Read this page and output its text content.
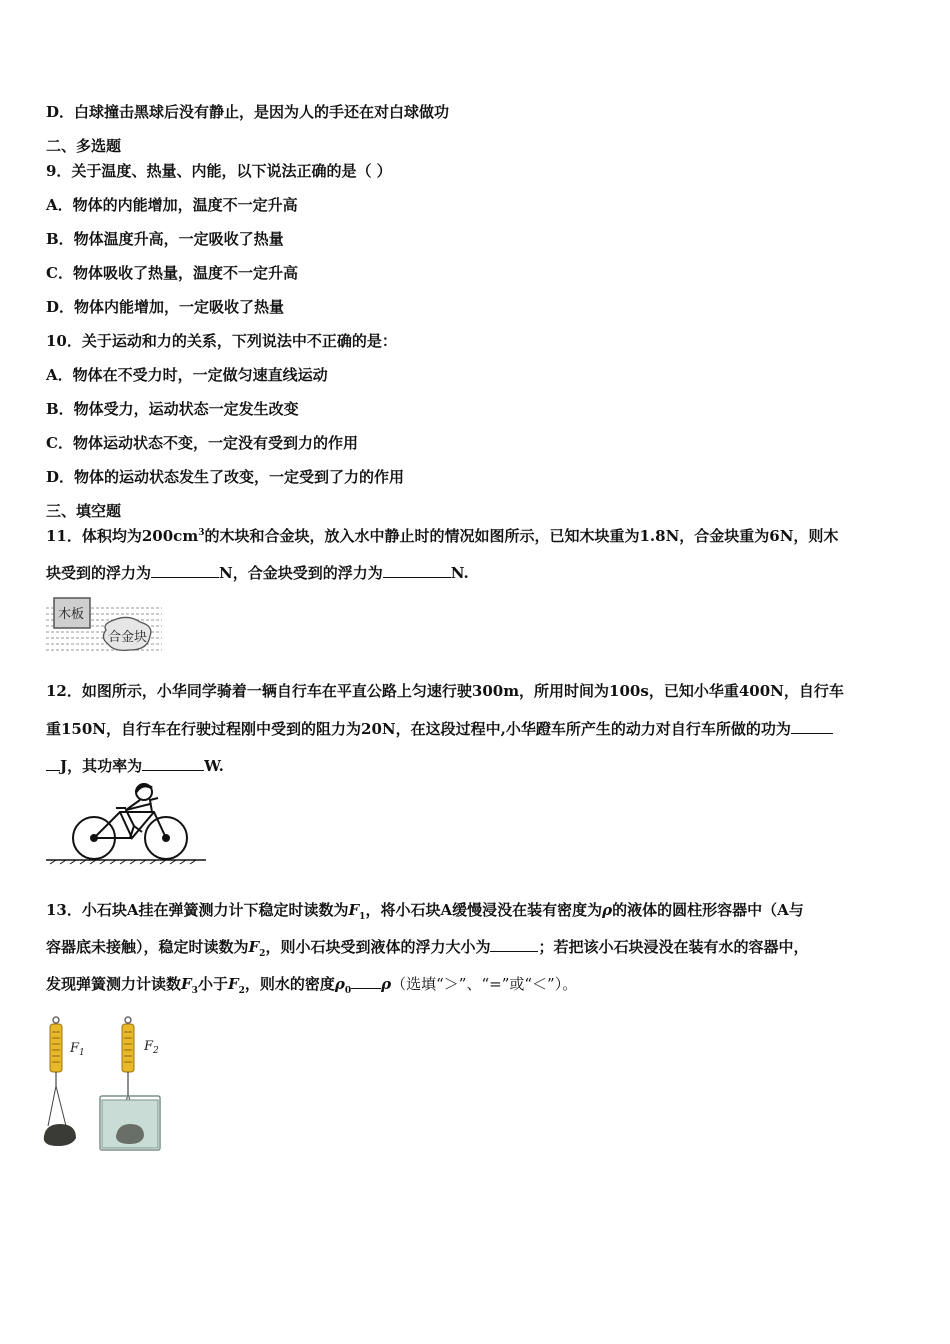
D．白球撞击黑球后没有静止，是因为人的手还在对白球做功
二、多选题
9．关于温度、热量、内能，以下说法正确的是（ ）
A．物体的内能增加，温度不一定升高
B．物体温度升高，一定吸收了热量
C．物体吸收了热量，温度不一定升高
D．物体内能增加，一定吸收了热量
10．关于运动和力的关系，下列说法中不正确的是：
A．物体在不受力时，一定做匀速直线运动
B．物体受力，运动状态一定发生改变
C．物体运动状态不变，一定没有受到力的作用
D．物体的运动状态发生了改变，一定受到了力的作用
三、填空题
11．体积均为$200cm^3$的木块和合金块，放入水中静止时的情况如图所示，已知木块重为1.8N，合金块重为6N，则木
块受到的浮力为	N，合金块受到的浮力为	N.
木板
合金块
12．如图所示，小华同学骑着一辆自行车在平直公路上匀速行驶300m，所用时间为100s，已知小华重400N，自行车
重150N，自行车在行驶过程刚中受到的阻力为20N，在这段过程中,小华蹬车所产生的动力对自行车所做的功为
J，其功率为	W.
13．小石块A挂在弹簧测力计下稳定时读数为$F_1$，将小石块A缓慢浸没在装有密度为ρ的液体的圆柱形容器中（A与
容器底未接触），稳定时读数为$F_2$，则小石块受到液体的浮力大小为	；若把该小石块浸没在装有水的容器中，
发现弹簧测力计读数$F_3$小于$F_2$，则水的密度$\rho_0$ ρ（选填“＞”、“=”或“＜”）。
$F_1$	$F_2$
